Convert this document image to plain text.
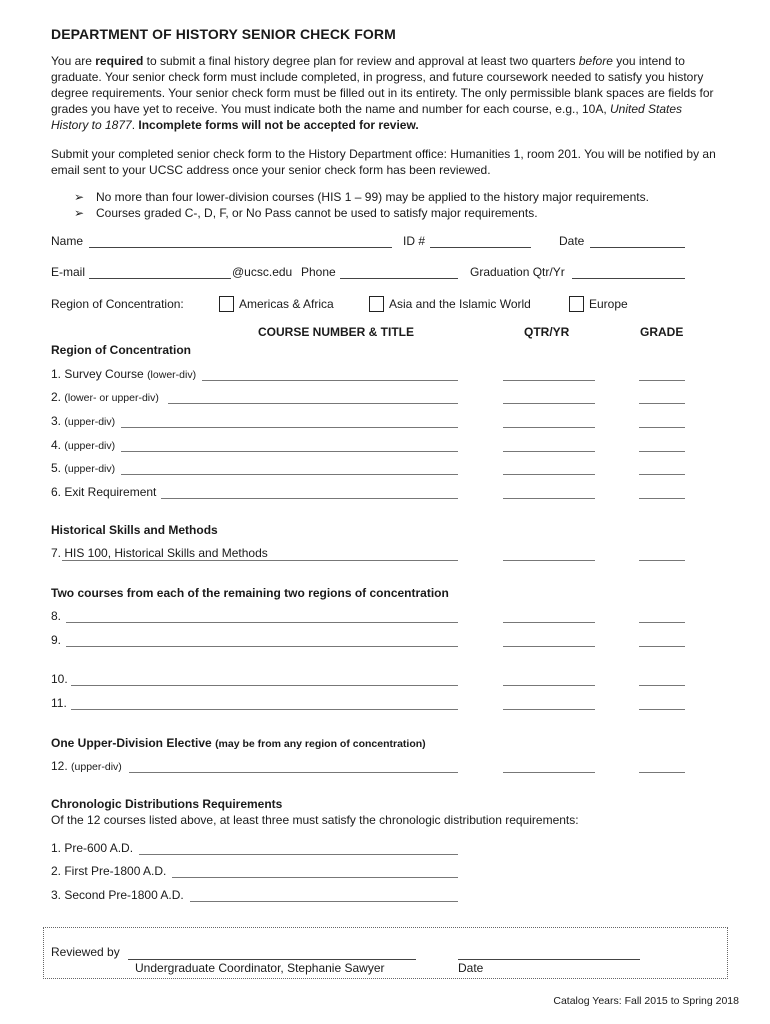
DEPARTMENT OF HISTORY SENIOR CHECK FORM
You are required to submit a final history degree plan for review and approval at least two quarters before you intend to graduate. Your senior check form must include completed, in progress, and future coursework needed to satisfy you history degree requirements. Your senior check form must be filled out in its entirety. The only permissible blank spaces are fields for grades you have yet to receive. You must indicate both the name and number for each course, e.g., 10A, United States History to 1877. Incomplete forms will not be accepted for review.
Submit your completed senior check form to the History Department office: Humanities 1, room 201. You will be notified by an email sent to your UCSC address once your senior check form has been reviewed.
➢ No more than four lower-division courses (HIS 1 – 99) may be applied to the history major requirements.
➢ Courses graded C-, D, F, or No Pass cannot be used to satisfy major requirements.
Name	ID #	Date
E-mail	@ucsc.edu Phone	Graduation Qtr/Yr
Region of Concentration:	Americas & Africa	Asia and the Islamic World	Europe
COURSE NUMBER & TITLE	QTR/YR	GRADE
Region of Concentration
1. Survey Course (lower-div)
2. (lower- or upper-div)
3. (upper-div)
4. (upper-div)
5. (upper-div)
6. Exit Requirement
Historical Skills and Methods
7. HIS 100, Historical Skills and Methods
Two courses from each of the remaining two regions of concentration
8.
9.
10.
11.
One Upper-Division Elective (may be from any region of concentration)
12. (upper-div)
Chronologic Distributions Requirements
Of the 12 courses listed above, at least three must satisfy the chronologic distribution requirements:
1. Pre-600 A.D.
2. First Pre-1800 A.D.
3. Second Pre-1800 A.D.
Reviewed by
Undergraduate Coordinator, Stephanie Sawyer	Date
Catalog Years: Fall 2015 to Spring 2018
